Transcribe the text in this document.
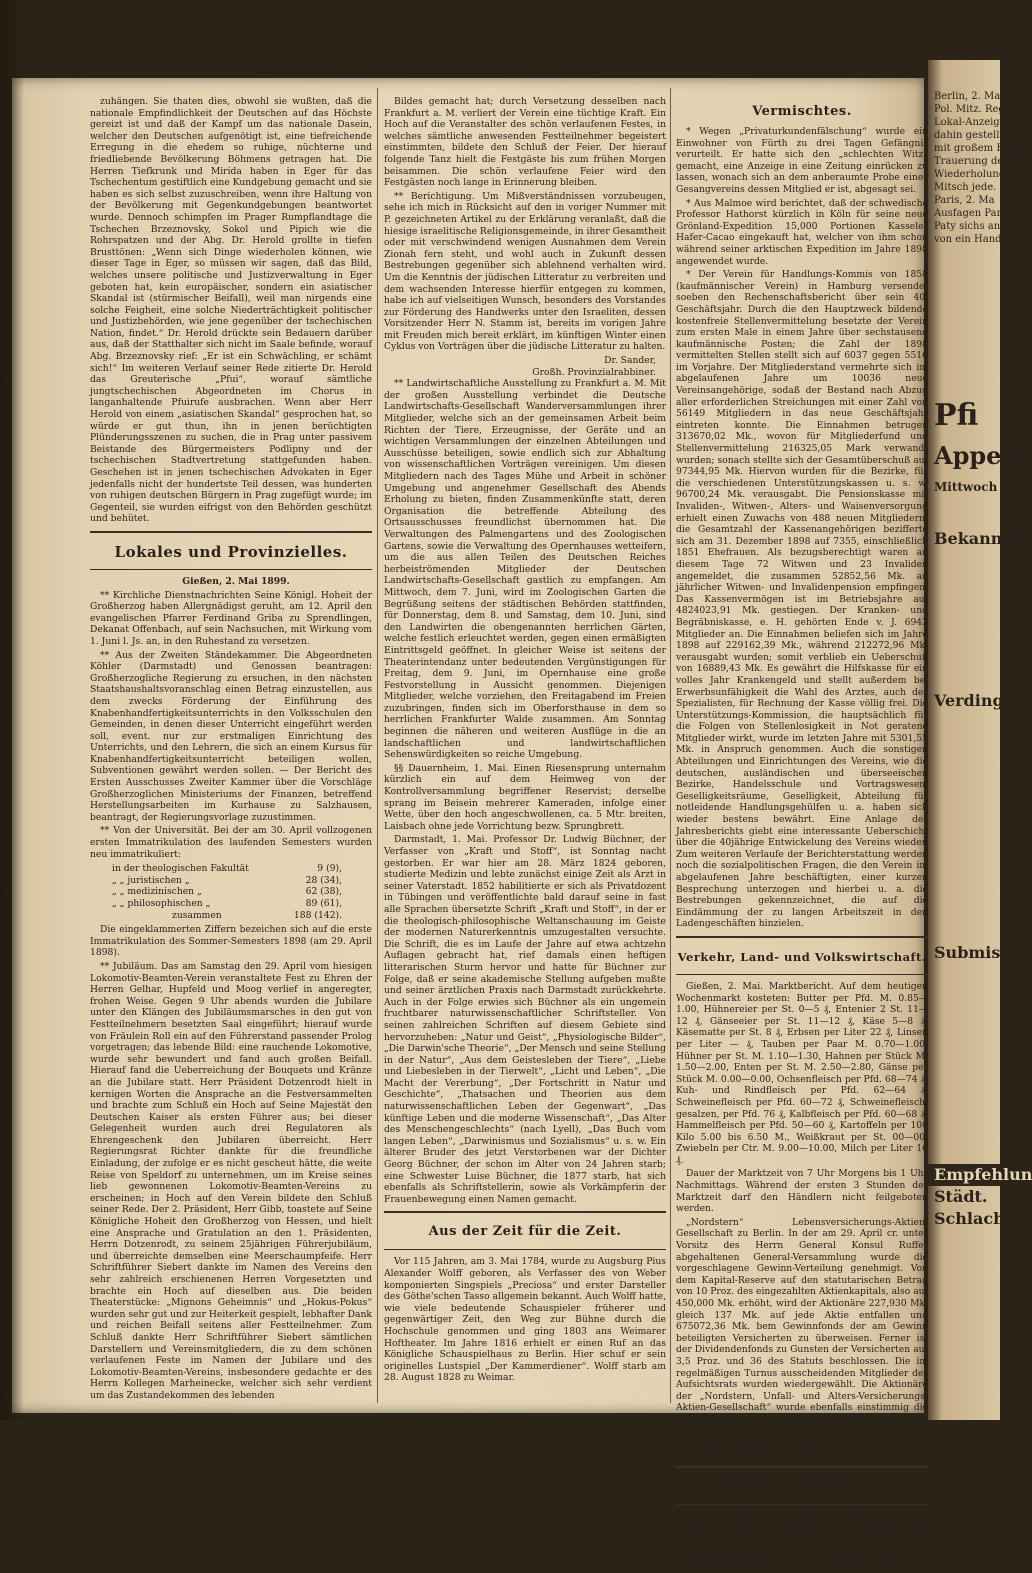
zuhängen. Sie thaten dies, obwohl sie wußten, daß die nationale Empfindlichkeit der Deutschen auf das Höchste gereizt ist und daß der Kampf um das nationale Dasein, welcher den Deutschen aufgenötigt ist, eine tiefreichende Erregung in die ehedem so ruhige, nüchterne und friedliebende Bevölkerung Böhmens getragen hat. Die Herren Tiefkrunk und Mirida haben in Eger für das Tschechentum gestiftlich eine Kundgebung gemacht und sie haben es sich selbst zuzuschreiben, wenn ihre Haltung von der Bevölkerung mit Gegenkundgebungen beantwortet wurde. Dennoch schimpfen im Prager Rumpflandtage die Tschechen Brzeznovsky, Sokol und Pipich wie die Rohrspatzen und der Abg. Dr. Herold grollte in tiefen Brusttönen: „Wenn sich Dinge wiederholen können, wie dieser Tage in Eger, so müssen wir sagen, daß das Bild, welches unsere politische und Justizverwaltung in Eger geboten hat, kein europäischer, sondern ein asiatischer Skandal ist (stürmischer Beifall), weil man nirgends eine solche Feigheit, eine solche Niederträchtigkeit politischer und Justizbehörden, wie jene gegenüber der tschechischen Nation, findet.“ Dr. Herold drückte sein Bedauern darüber aus, daß der Statthalter sich nicht im Saale befinde, worauf Abg. Brzeznovsky rief: „Er ist ein Schwächling, er schämt sich!“ Im weiteren Verlauf seiner Rede zitierte Dr. Herold das Greuterische „Pfui“, worauf sämtliche jungtschechischen Abgeordneten im Chorus in langanhaltende Pfuirufe ausbrachen. Wenn aber Herr Herold von einem „asiatischen Skandal“ gesprochen hat, so würde er gut thun, ihn in jenen berüchtigten Plünderungsszenen zu suchen, die in Prag unter passivem Beistande des Bürgermeisters Podlipny und der tschechischen Stadtvertretung stattgefunden haben. Geschehen ist in jenen tschechischen Advokaten in Eger jedenfalls nicht der hundertste Teil dessen, was hunderten von ruhigen deutschen Bürgern in Prag zugefügt wurde; im Gegenteil, sie wurden eifrigst von den Behörden geschützt und behütet.

Lokales und Provinzielles.

Gießen, 2. Mai 1899.

** Kirchliche Dienstnachrichten Seine Königl. Hoheit der Großherzog haben Allergnädigst geruht, am 12. April den evangelischen Pfarrer Ferdinand Griba zu Sprendlingen, Dekanat Offenbach, auf sein Nachsuchen, mit Wirkung vom 1. Juni l. Js. an, in den Ruhestand zu versetzen.

** Aus der Zweiten Ständekammer. Die Abgeordneten Köhler (Darmstadt) und Genossen beantragen: Großherzogliche Regierung zu ersuchen, in den nächsten Staatshaushaltsvoranschlag einen Betrag einzustellen, aus dem zwecks Förderung der Einführung des Knabenhandfertigkeitsunterrichts in den Volksschulen den Gemeinden, in denen dieser Unterricht eingeführt werden soll, event. nur zur erstmaligen Einrichtung des Unterrichts, und den Lehrern, die sich an einem Kursus für Knabenhandfertigkeitsunterricht beteiligen wollen, Subventionen gewährt werden sollen. — Der Bericht des Ersten Ausschusses Zweiter Kammer über die Vorschläge Großherzoglichen Ministeriums der Finanzen, betreffend Herstellungsarbeiten im Kurhause zu Salzhausen, beantragt, der Regierungsvorlage zuzustimmen.

** Von der Universität. Bei der am 30. April vollzogenen ersten Immatrikulation des laufenden Semesters wurden neu immatrikuliert:

in der theologischen Fakultät	9 (9),
„ „ juristischen „	28 (34),
„ „ medizinischen „	62 (38),
„ „ philosophischen „	89 (61),
zusammen	188 (142).

Die eingeklammerten Ziffern bezeichen sich auf die erste Immatrikulation des Sommer-Semesters 1898 (am 29. April 1898).

** Jubiläum. Das am Samstag den 29. April vom hiesigen Lokomotiv-Beamten-Verein veranstaltete Fest zu Ehren der Herren Gelhar, Hupfeld und Moog verlief in angeregter, frohen Weise. Gegen 9 Uhr abends wurden die Jubilare unter den Klängen des Jubiläumsmarsches in den gut von Festteilnehmern besetzten Saal eingeführt; hierauf wurde von Fräulein Roll ein auf den Führerstand passender Prolog vorgetragen; das lebende Bild: eine rauchende Lokomotive, wurde sehr bewundert und fand auch großen Beifall. Hierauf fand die Ueberreichung der Bouquets und Kränze an die Jubilare statt. Herr Präsident Dotzenrodt hielt in kernigen Worten die Ansprache an die Festversammelten und brachte zum Schluß ein Hoch auf Seine Majestät den Deutschen Kaiser als ersten Führer aus; bei dieser Gelegenheit wurden auch drei Regulatoren als Ehrengeschenk den Jubilaren überreicht. Herr Regierungsrat Richter dankte für die freundliche Einladung, der zufolge er es nicht gescheut hätte, die weite Reise von Speldorf zu unternehmen, um im Kreise seines lieb gewonnenen Lokomotiv-Beamten-Vereins zu erscheinen; in Hoch auf den Verein bildete den Schluß seiner Rede. Der 2. Präsident, Herr Gibb, toastete auf Seine Königliche Hoheit den Großherzog von Hessen, und hielt eine Ansprache und Gratulation an den 1. Präsidenten, Herrn Dotzenrodt, zu seinem 25jährigen Führerjubiläum, und überreichte demselben eine Meerschaumpfeife. Herr Schriftführer Siebert dankte im Namen des Vereins den sehr zahlreich erschienenen Herren Vorgesetzten und brachte ein Hoch auf dieselben aus. Die beiden Theaterstücke: „Mignons Geheimnis“ und „Hokus-Pokus“ wurden sehr gut und zur Heiterkeit gespielt, lebhafter Dank und reichen Beifall seitens aller Festteilnehmer. Zum Schluß dankte Herr Schriftführer Siebert sämtlichen Darstellern und Vereinsmitgliedern, die zu dem schönen verlaufenen Feste im Namen der Jubilare und des Lokomotiv-Beamten-Vereins, insbesondere gedachte er des Herrn Kollegen Marheinecke, welcher sich sehr verdient um das Zustandekommen des lebenden

Bildes gemacht hat; durch Versetzung desselben nach Frankfurt a. M. verliert der Verein eine tüchtige Kraft. Ein Hoch auf die Veranstalter des schön verlaufenen Festes, in welches sämtliche anwesenden Festteilnehmer begeistert einstimmten, bildete den Schluß der Feier. Der hierauf folgende Tanz hielt die Festgäste bis zum frühen Morgen beisammen. Die schön verlaufene Feier wird den Festgästen noch lange in Erinnerung bleiben.

** Berichtigung. Um Mißverständnissen vorzubeugen, sehe ich mich in Rücksicht auf den in voriger Nummer mit P. gezeichneten Artikel zu der Erklärung veranlaßt, daß die hiesige israelitische Religionsgemeinde, in ihrer Gesamtheit oder mit verschwindend wenigen Ausnahmen dem Verein Zionah fern steht, und wohl auch in Zukunft dessen Bestrebungen gegenüber sich ablehnend verhalten wird. Um die Kenntnis der jüdischen Litteratur zu verbreiten und dem wachsenden Interesse hierfür entgegen zu kommen, habe ich auf vielseitigen Wunsch, besonders des Vorstandes zur Förderung des Handwerks unter den Israeliten, dessen Vorsitzender Herr N. Stamm ist, bereits im vorigen Jahre mit Freuden mich bereit erklärt, im künftigen Winter einen Cyklus von Vorträgen über die jüdische Litteratur zu halten.

Dr. Sander,
Großh. Provinzialrabbiner.

** Landwirtschaftliche Ausstellung zu Frankfurt a. M. Mit der großen Ausstellung verbindet die Deutsche Landwirtschafts-Gesellschaft Wanderversammlungen ihrer Mitglieder, welche sich an der gemeinsamen Arbeit beim Richten der Tiere, Erzeugnisse, der Geräte und an wichtigen Versammlungen der einzelnen Abteilungen und Ausschüsse beteiligen, sowie endlich sich zur Abhaltung von wissenschaftlichen Vorträgen vereinigen. Um diesen Mitgliedern nach des Tages Mühe und Arbeit in schöner Umgebung und angenehmer Gesellschaft des Abends Erholung zu bieten, finden Zusammenkünfte statt, deren Organisation die betreffende Abteilung des Ortsausschusses freundlichst übernommen hat. Die Verwaltungen des Palmengartens und des Zoologischen Gartens, sowie die Verwaltung des Opernhauses wetteifern, um die aus allen Teilen des Deutschen Reiches herbeiströmenden Mitglieder der Deutschen Landwirtschafts-Gesellschaft gastlich zu empfangen. Am Mittwoch, dem 7. Juni, wird im Zoologischen Garten die Begrüßung seitens der städtischen Behörden stattfinden, für Donnerstag, dem 8. und Samstag, dem 10. Juni, sind den Landwirten die obengenannten herrlichen Gärten, welche festlich erleuchtet werden, gegen einen ermäßigten Eintrittsgeld geöffnet. In gleicher Weise ist seitens der Theaterintendanz unter bedeutenden Vergünstigungen für Freitag, dem 9. Juni, im Opernhause eine große Festvorstellung in Aussicht genommen. Diejenigen Mitglieder, welche vorziehen, den Freitagabend im Freien zuzubringen, finden sich im Oberforsthause in dem so herrlichen Frankfurter Walde zusammen. Am Sonntag beginnen die näheren und weiteren Ausflüge in die an landschaftlichen und landwirtschaftlichen Sehenswürdigkeiten so reiche Umgebung.

§§ Dauernheim, 1. Mai. Einen Riesensprung unternahm kürzlich ein auf dem Heimweg von der Kontrollversammlung begriffener Reservist; derselbe sprang im Beisein mehrerer Kameraden, infolge einer Wette, über den hoch angeschwollenen, ca. 5 Mtr. breiten, Laisbach ohne jede Vorrichtung bezw. Sprungbrett.

Darmstadt, 1. Mai. Professor Dr. Ludwig Büchner, der Verfasser von „Kraft und Stoff“, ist Sonntag nacht gestorben. Er war hier am 28. März 1824 geboren, studierte Medizin und lebte zunächst einige Zeit als Arzt in seiner Vaterstadt. 1852 habilitierte er sich als Privatdozent in Tübingen und veröffentlichte bald darauf seine in fast alle Sprachen übersetzte Schrift „Kraft und Stoff“, in der er die theologisch-philosophische Weltanschauung im Geiste der modernen Naturerkenntnis umzugestalten versuchte. Die Schrift, die es im Laufe der Jahre auf etwa achtzehn Auflagen gebracht hat, rief damals einen heftigen litterarischen Sturm hervor und hatte für Büchner zur Folge, daß er seine akademische Stellung aufgeben mußte und seiner ärztlichen Praxis nach Darmstadt zurückkehrte. Auch in der Folge erwies sich Büchner als ein ungemein fruchtbarer naturwissenschaftlicher Schriftsteller. Von seinen zahlreichen Schriften auf diesem Gebiete sind hervorzuheben: „Natur und Geist“, „Physiologische Bilder“, „Die Darwin'sche Theorie“, „Der Mensch und seine Stellung in der Natur“, „Aus dem Geistesleben der Tiere“, „Liebe und Liebesleben in der Tierwelt“, „Licht und Leben“, „Die Macht der Vererbung“, „Der Fortschritt in Natur und Geschichte“, „Thatsachen und Theorien aus dem naturwissenschaftlichen Leben der Gegenwart“, „Das künftige Leben und die moderne Wissenschaft“, „Das Alter des Menschengeschlechts“ (nach Lyell), „Das Buch vom langen Leben“, „Darwinismus und Sozialismus“ u. s. w. Ein älterer Bruder des jetzt Verstorbenen war der Dichter Georg Büchner, der schon im Alter von 24 Jahren starb; eine Schwester Luise Büchner, die 1877 starb, hat sich ebenfalls als Schriftstellerin, sowie als Vorkämpferin der Frauenbewegung einen Namen gemacht.

Aus der Zeit für die Zeit.

Vor 115 Jahren, am 3. Mai 1784, wurde zu Augsburg Pius Alexander Wolff geboren, als Verfasser des von Weber komponierten Singspiels „Preciosa“ und erster Darsteller des Göthe'schen Tasso allgemein bekannt. Auch Wolff hatte, wie viele bedeutende Schauspieler früherer und gegenwärtiger Zeit, den Weg zur Bühne durch die Hochschule genommen und ging 1803 ans Weimarer Hoftheater. Im Jahre 1816 erhielt er einen Ruf an das Königliche Schauspielhaus zu Berlin. Hier schuf er sein originelles Lustspiel „Der Kammerdiener“. Wolff starb am 28. August 1828 zu Weimar.

Vermischtes.

* Wegen „Privaturkundenfälschung“ wurde ein Einwohner von Fürth zu drei Tagen Gefängnis verurteilt. Er hatte sich den „schlechten Witz“ gemacht, eine Anzeige in eine Zeitung einrücken zu lassen, wonach sich an dem anberaumte Probe eines Gesangvereins dessen Mitglied er ist, abgesagt sei.

* Aus Malmoe wird berichtet, daß der schwedische Professor Hathorst kürzlich in Köln für seine neue Grönland-Expedition 15,000 Portionen Kasseler Hafer-Cacao eingekauft hat, welcher von ihm schon während seiner arktischen Expedition im Jahre 1898 angewendet wurde.

* Der Verein für Handlungs-Kommis von 1858 (kaufmännischer Verein) in Hamburg versendet soeben den Rechenschaftsbericht über sein 40. Geschäftsjahr. Durch die den Hauptzweck bildende kostenfreie Stellenvermittelung besetzte der Verein zum ersten Male in einem Jahre über sechstausend kaufmännische Posten; die Zahl der 1898 vermittelten Stellen stellt sich auf 6037 gegen 5516 im Vorjahre. Der Mitgliederstand vermehrte sich im abgelaufenen Jahre um 10036 neue Vereinsangehörige, sodaß der Bestand nach Abzug aller erforderlichen Streichungen mit einer Zahl von 56149 Mitgliedern in das neue Geschäftsjahr eintreten konnte. Die Einnahmen betrugen 313670,02 Mk., wovon für Mitgliederfund und Stellenvermittelung 216325,05 Mark verwandt wurden; sonach stellte sich der Gesamtüberschuß auf 97344,95 Mk. Hiervon wurden für die Bezirke, für die verschiedenen Unterstützungskassen u. s. w. 96700,24 Mk. verausgabt. Die Pensionskasse mit Invaliden-, Witwen-, Alters- und Waisenversorgung erhielt einen Zuwachs von 488 neuen Mitgliedern; die Gesamtzahl der Kassenangehörigen bezifferte sich am 31. Dezember 1898 auf 7355, einschließlich 1851 Ehefrauen. Als bezugsberechtigt waren an diesem Tage 72 Witwen und 23 Invaliden angemeldet, die zusammen 52852,56 Mk. an jährlicher Witwen- und Invalidenpension empfingen. Das Kassenvermögen ist im Betriebsjahre auf 4824023,91 Mk. gestiegen. Der Kranken- und Begräbniskasse, e. H. gehörten Ende v. J. 6943 Mitglieder an. Die Einnahmen beliefen sich im Jahre 1898 auf 229162,39 Mk., während 212272,96 Mk. verausgabt wurden; somit verblieb ein Ueberschuß von 16889,43 Mk. Es gewährt die Hilfskasse für ein volles Jahr Krankengeld und stellt außerdem bei Erwerbsunfähigkeit die Wahl des Arztes, auch des Spezialisten, für Rechnung der Kasse völlig frei. Die Unterstützungs-Kommission, die hauptsächlich für die Folgen von Stellenlosigkeit in Not geratene Mitglieder wirkt, wurde im letzten Jahre mit 5301,55 Mk. in Anspruch genommen. Auch die sonstigen Abteilungen und Einrichtungen des Vereins, wie die deutschen, ausländischen und überseeischen Bezirke, Handelsschule und Vortragswesen, Geselligkeitsräume, Geselligkeit, Abteilung für notleidende Handlungsgehülfen u. a. haben sich wieder bestens bewährt. Eine Anlage des Jahresberichts giebt eine interessante Ueberschicht über die 40jährige Entwickelung des Vereins wieder. Zum weiteren Verlaufe der Berichterstattung werden noch die sozialpolitischen Fragen, die den Verein im abgelaufenen Jahre beschäftigten, einer kurzen Besprechung unterzogen und hierbei u. a. die Bestrebungen gekennzeichnet, die auf die Eindämmung der zu langen Arbeitszeit in den Ladengeschäften hinzielen.

Verkehr, Land- und Volkswirtschaft.

Gießen, 2. Mai. Marktbericht. Auf dem heutigen Wochenmarkt kosteten: Butter per Pfd. M. 0.85—1.00, Hühnereier per St. 0—5 ₰, Entenier 2 St. 11—12 ₰, Gänseeier per St. 11—12 ₰, Käse 5—8 ₰, Käsematte per St. 8 ₰, Erbsen per Liter 22 ₰, Linsen per Liter — ₰, Tauben per Paar M. 0.70—1.00, Hühner per St. M. 1.10—1.30, Hahnen per Stück M. 1.50—2.00, Enten per St. M. 2.50—2.80, Gänse per Stück M. 0.00—0.00, Ochsenfleisch per Pfd. 68—74 ₰, Kuh- und Rindfleisch per Pfd. 62—64 ₰, Schweinefleisch per Pfd. 60—72 ₰, Schweinefleisch, gesalzen, per Pfd. 76 ₰, Kalbfleisch per Pfd. 60—68 ₰, Hammelfleisch per Pfd. 50—60 ₰, Kartoffeln per 100 Kilo 5.00 bis 6.50 M., Weißkraut per St. 00—00, Zwiebeln per Ctr. M. 9.00—10.00, Milch per Liter 16 ₰.

Dauer der Marktzeit von 7 Uhr Morgens bis 1 Uhr Nachmittags. Während der ersten 3 Stunden der Marktzeit darf den Händlern nicht feilgeboten werden.

„Nordstern“ Lebensversicherungs-Aktien-Gesellschaft zu Berlin. In der am 29. April cr. unter Vorsitz des Herrn General Konsul Ruffer abgehaltenen General-Versammlung wurde die vorgeschlagene Gewinn-Verteilung genehmigt. Von dem Kapital-Reserve auf den statutarischen Betrag von 10 Proz. des eingezahlten Aktienkapitals, also auf 450,000 Mk. erhöht, wird der Aktionäre 227,930 Mk. gleich 137 Mk. auf jede Aktie entfallen und 675072,36 Mk. bem Gewinnfonds der am Gewinn beteiligten Versicherten zu überweisen. Ferner ist der Dividendenfonds zu Gunsten der Versicherten auf 3,5 Proz. und 36 des Statuts beschlossen. Die im regelmäßigen Turnus ausscheidenden Mitglieder des Aufsichtsrats wurden wiedergewählt. Die Aktionäre der „Nordstern, Unfall- und Alters-Versicherungs-Aktien-Gesellschaft“ wurde ebenfalls einstimmig die Erhöhung des Kapitals beschlossen. Auch die Neuwahlen für den Aufsichtsrat wie für die Revisions-Kommission wurden im Sinne der Vorschläge des Aufsichtsrats vorgenommen.

Neueste Meldungen.
Depeschen des Bureau „Herold“.

Berlin, 2. Mai. Aus Rotterdam wird gemeldet, daß die Königin Wilhelmine die Mitglieder der Abrüstungskonferenz im königlichen Palais zu Amsterdam empfangen wird.

Berlin, 2. Mai.
Pol. Mitz. Rega
Lokal-Anzeiger
dahin gestellt
mit großem Beifall
Trauerung den
Wiederholung
Mitsch jede.
Paris, 2. Ma
Ausfagen Pari
Paty sichs an
von ein Handlungs
Pfi
Appell
Mittwoch
Bekanntm
Verding
Submiss
Empfehlun
Städt. Schlach
